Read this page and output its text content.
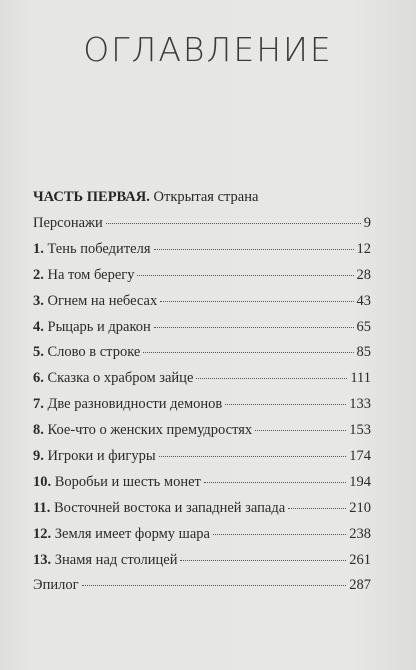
ОГЛАВЛЕНИЕ
ЧАСТЬ ПЕРВАЯ. Открытая страна
Персонажи	9
1. Тень победителя	12
2. На том берегу	28
3. Огнем на небесах	43
4. Рыцарь и дракон	65
5. Слово в строке	85
6. Сказка о храбром зайце	111
7. Две разновидности демонов	133
8. Кое-что о женских премудростях	153
9. Игроки и фигуры	174
10. Воробьи и шесть монет	194
11. Восточней востока и западней запада	210
12. Земля имеет форму шара	238
13. Знамя над столицей	261
Эпилог	287
